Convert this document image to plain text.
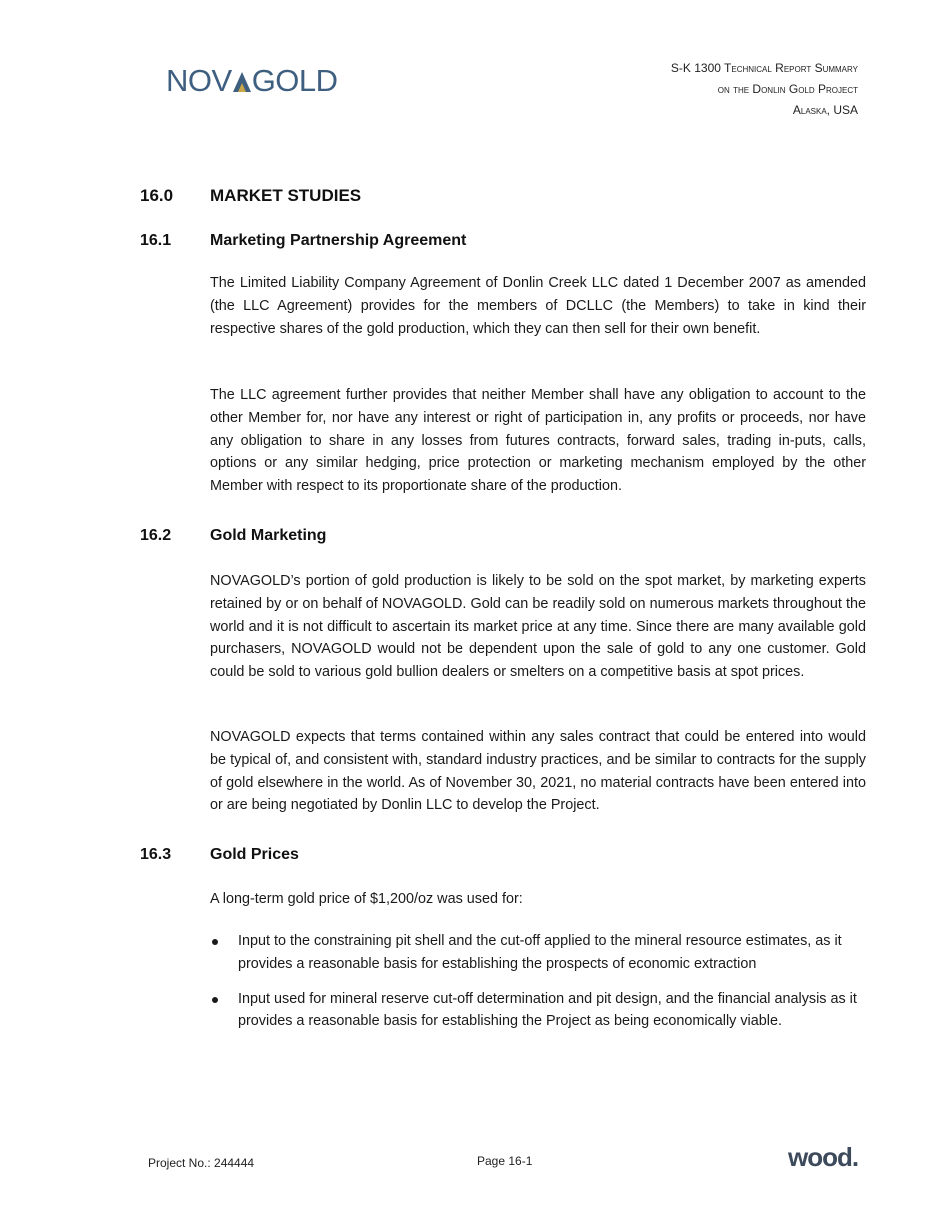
NOV GOLD	S-K 1300 Technical Report Summary
on the Donlin Gold Project
Alaska, USA
16.0 MARKET STUDIES
16.1 Marketing Partnership Agreement
The Limited Liability Company Agreement of Donlin Creek LLC dated 1 December 2007 as amended (the LLC Agreement) provides for the members of DCLLC (the Members) to take in kind their respective shares of the gold production, which they can then sell for their own benefit.
The LLC agreement further provides that neither Member shall have any obligation to account to the other Member for, nor have any interest or right of participation in, any profits or proceeds, nor have any obligation to share in any losses from futures contracts, forward sales, trading in-puts, calls, options or any similar hedging, price protection or marketing mechanism employed by the other Member with respect to its proportionate share of the production.
16.2 Gold Marketing
NOVAGOLD’s portion of gold production is likely to be sold on the spot market, by marketing experts retained by or on behalf of NOVAGOLD. Gold can be readily sold on numerous markets throughout the world and it is not difficult to ascertain its market price at any time. Since there are many available gold purchasers, NOVAGOLD would not be dependent upon the sale of gold to any one customer. Gold could be sold to various gold bullion dealers or smelters on a competitive basis at spot prices.
NOVAGOLD expects that terms contained within any sales contract that could be entered into would be typical of, and consistent with, standard industry practices, and be similar to contracts for the supply of gold elsewhere in the world. As of November 30, 2021, no material contracts have been entered into or are being negotiated by Donlin LLC to develop the Project.
16.3 Gold Prices
A long-term gold price of $1,200/oz was used for:
Input to the constraining pit shell and the cut-off applied to the mineral resource estimates, as it provides a reasonable basis for establishing the prospects of economic extraction
Input used for mineral reserve cut-off determination and pit design, and the financial analysis as it provides a reasonable basis for establishing the Project as being economically viable.
Project No.: 244444	Page 16-1	wood.
